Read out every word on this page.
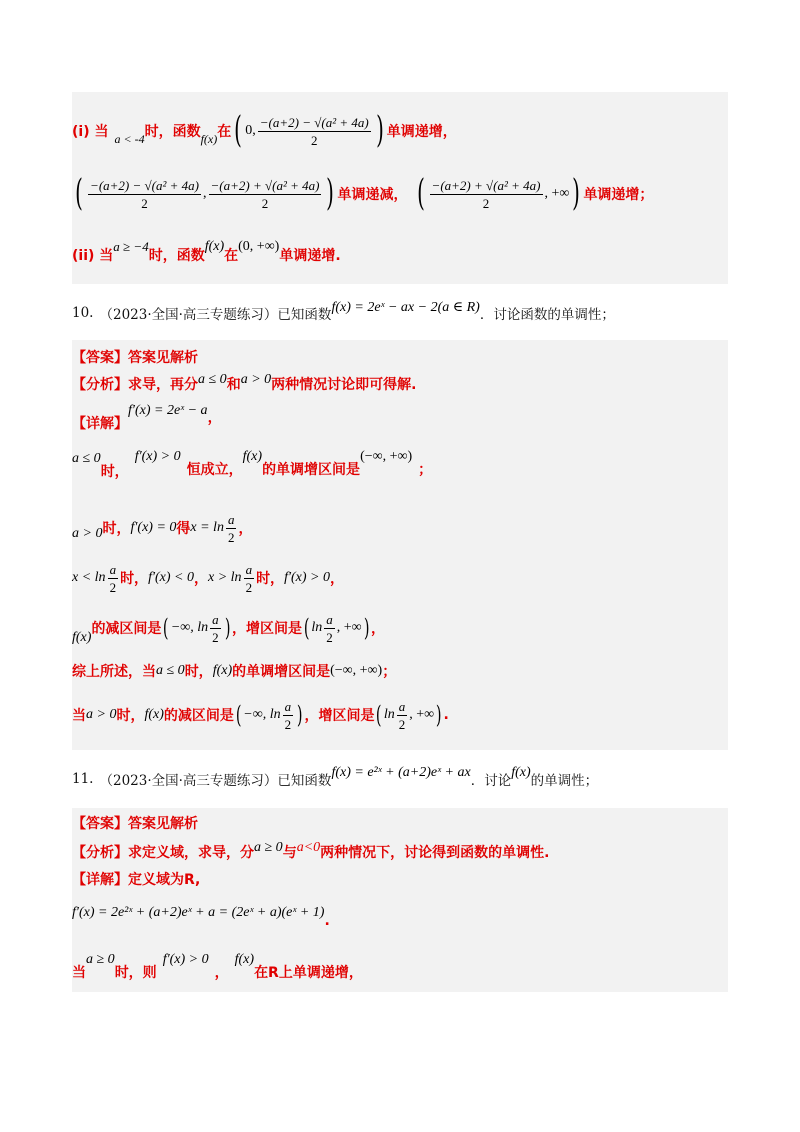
(i) 当 a < -4 时，函数 f(x) 在 ( 0, $\frac{\text{−(a+2) − √(a² + 4a)}}{2}$ ) 单调递增，
( $\frac{\text{−(a+2) − √(a² + 4a)}}{2}$ , $\frac{\text{−(a+2) + √(a² + 4a)}}{2}$ ) 单调递减， ( $\frac{\text{−(a+2) + √(a² + 4a)}}{2}$ , +∞ ) 单调递增；
(ii) 当
a ≥ −4
时，函数
f(x)
在
(0, +∞)
单调递增.
10. （2023·全国·高三专题练习）已知函数 f(x) = 2eˣ − ax − 2(a ∈ R) ．讨论函数的单调性；
【答案】 答案见解析
【分析】 求导，再分 a ≤ 0 和 a > 0 两种情况讨论即可得解.
【详解】
f′(x) = 2eˣ − a ，
a ≤ 0
时，
f′(x) > 0
恒成立，
f(x)
的单调增区间是
(−∞, +∞)
；
a > 0 时， f′(x) = 0 得 $x = \ln \frac{a}{2}$ ，
$x < \ln \frac{a}{2}$ 时， f′(x) < 0 ， $x > \ln \frac{a}{2}$ 时， f′(x) > 0 ，
f(x)
的减区间是 ( −∞, $\ln \frac{a}{2}$ ) ，增区间是 ( $\ln \frac{a}{2}$ , +∞ ) ，
综上所述，当 a ≤ 0 时， f(x) 的单调增区间是 (−∞, +∞) ；
当 a > 0 时， f(x) 的减区间是 ( −∞, $\ln \frac{a}{2}$ ) ，增区间是 ( $\ln \frac{a}{2}$ , +∞ ) .
11. （2023·全国·高三专题练习）已知函数
f(x) = e²ˣ + (a+2)eˣ + ax
．讨论
f(x)
的单调性；
【答案】 答案见解析
【分析】 求定义域，求导，分 a ≥ 0 与 a<0 两种情况下，讨论得到函数的单调性.
【详解】 定义域为R,
f′(x) = 2e²ˣ + (a+2)eˣ + a = (2eˣ + a)(eˣ + 1)
.
当
a ≥ 0
时，则
f′(x) > 0
，
f(x)
在R上单调递增，
